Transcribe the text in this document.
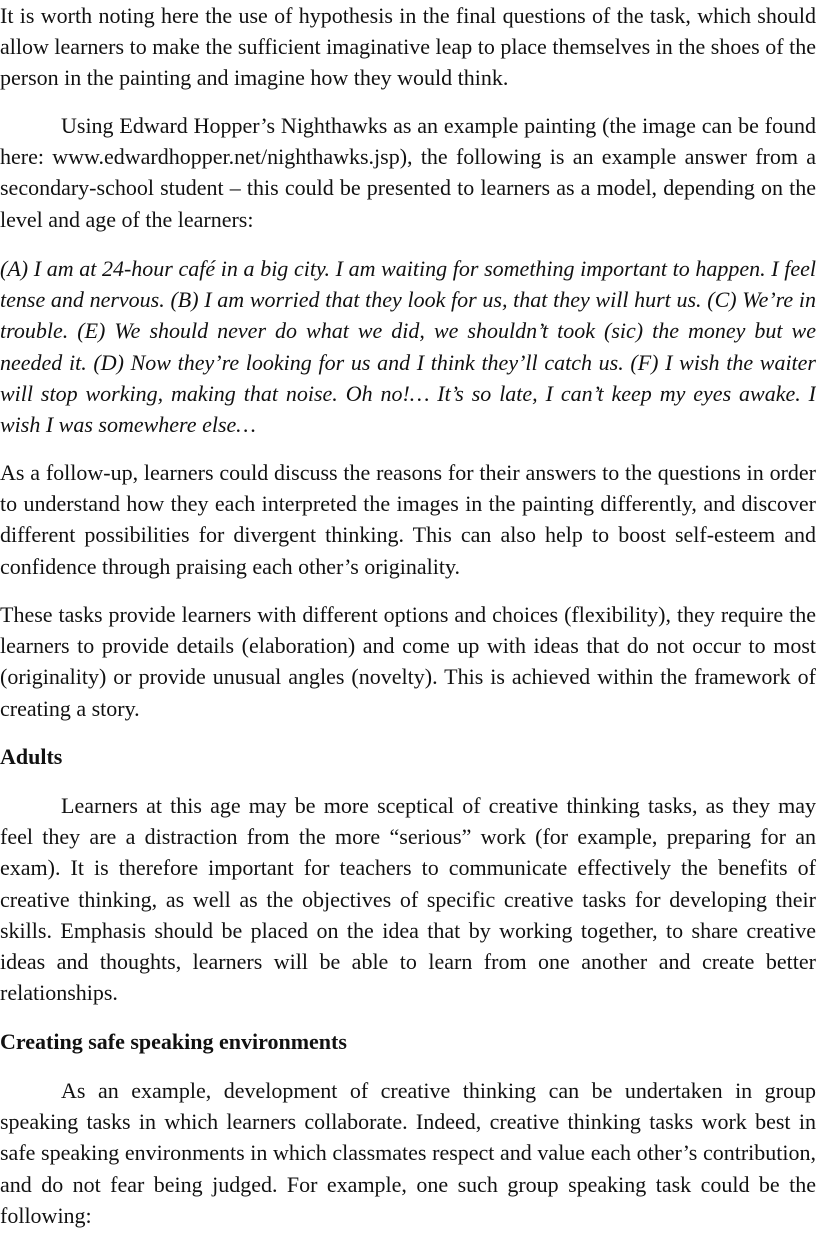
It is worth noting here the use of hypothesis in the final questions of the task, which should allow learners to make the sufficient imaginative leap to place themselves in the shoes of the person in the painting and imagine how they would think.

Using Edward Hopper’s Nighthawks as an example painting (the image can be found here: www.edwardhopper.net/nighthawks.jsp), the following is an example answer from a secondary-school student – this could be presented to learners as a model, depending on the level and age of the learners:

(A) I am at 24-hour café in a big city. I am waiting for something important to happen. I feel tense and nervous. (B) I am worried that they look for us, that they will hurt us. (C) We’re in trouble. (E) We should never do what we did, we shouldn’t took (sic) the money but we needed it. (D) Now they’re looking for us and I think they’ll catch us. (F) I wish the waiter will stop working, making that noise. Oh no!… It’s so late, I can’t keep my eyes awake. I wish I was somewhere else…

As a follow-up, learners could discuss the reasons for their answers to the questions in order to understand how they each interpreted the images in the painting differently, and discover different possibilities for divergent thinking. This can also help to boost self-esteem and confidence through praising each other’s originality.

These tasks provide learners with different options and choices (flexibility), they require the learners to provide details (elaboration) and come up with ideas that do not occur to most (originality) or provide unusual angles (novelty). This is achieved within the framework of creating a story.

Adults

Learners at this age may be more sceptical of creative thinking tasks, as they may feel they are a distraction from the more “serious” work (for example, preparing for an exam). It is therefore important for teachers to communicate effectively the benefits of creative thinking, as well as the objectives of specific creative tasks for developing their skills. Emphasis should be placed on the idea that by working together, to share creative ideas and thoughts, learners will be able to learn from one another and create better relationships.

Creating safe speaking environments

As an example, development of creative thinking can be undertaken in group speaking tasks in which learners collaborate. Indeed, creative thinking tasks work best in safe speaking environments in which classmates respect and value each other’s contribution, and do not fear being judged. For example, one such group speaking task could be the following:
